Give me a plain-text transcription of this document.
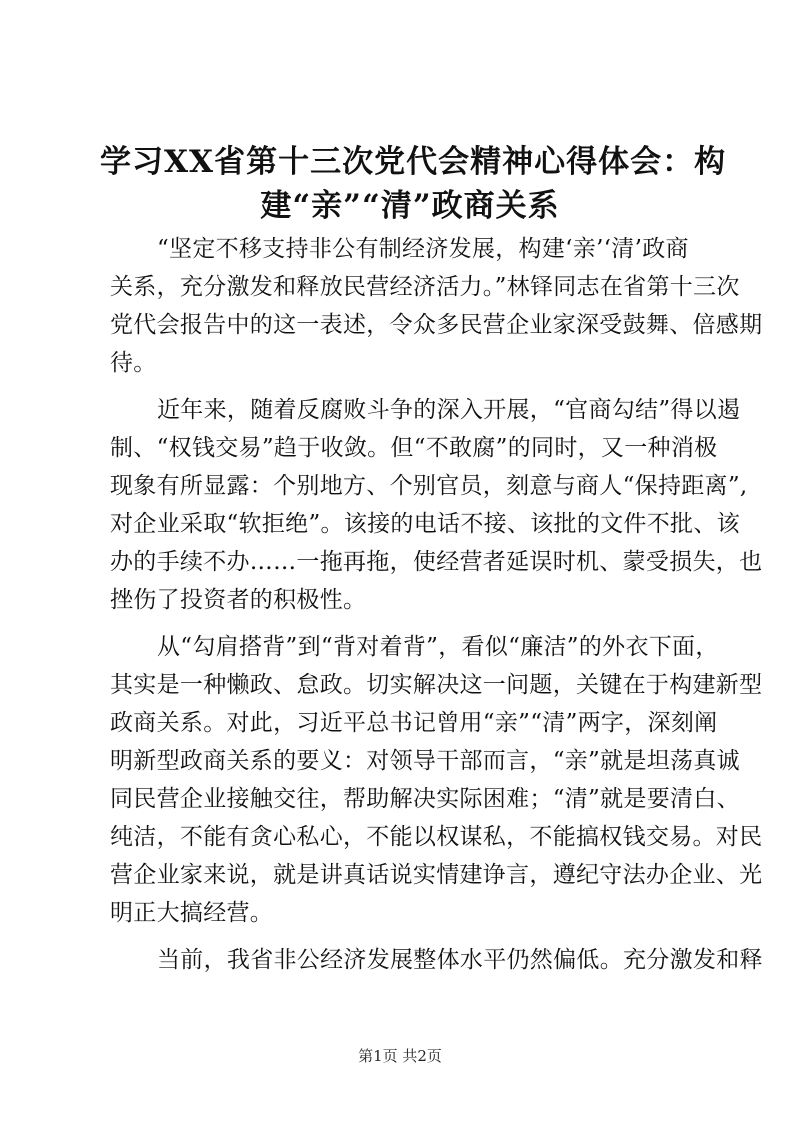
学习XX省第十三次党代会精神心得体会：构
建“亲”“清”政商关系
“坚定不移支持非公有制经济发展，构建‘亲’‘清’政商
关系，充分激发和释放民营经济活力。”林铎同志在省第十三次
党代会报告中的这一表述，令众多民营企业家深受鼓舞、倍感期
待。
近年来，随着反腐败斗争的深入开展，“官商勾结”得以遏
制、“权钱交易”趋于收敛。但“不敢腐”的同时，又一种消极
现象有所显露：个别地方、个别官员，刻意与商人“保持距离”,
对企业采取“软拒绝”。该接的电话不接、该批的文件不批、该
办的手续不办……一拖再拖，使经营者延误时机、蒙受损失，也
挫伤了投资者的积极性。
从“勾肩搭背”到“背对着背”，看似“廉洁”的外衣下面，
其实是一种懒政、怠政。切实解决这一问题，关键在于构建新型
政商关系。对此，习近平总书记曾用“亲”“清”两字，深刻阐
明新型政商关系的要义：对领导干部而言，“亲”就是坦荡真诚
同民营企业接触交往，帮助解决实际困难；“清”就是要清白、
纯洁，不能有贪心私心，不能以权谋私，不能搞权钱交易。对民
营企业家来说，就是讲真话说实情建诤言，遵纪守法办企业、光
明正大搞经营。
当前，我省非公经济发展整体水平仍然偏低。充分激发和释
第1页 共2页
